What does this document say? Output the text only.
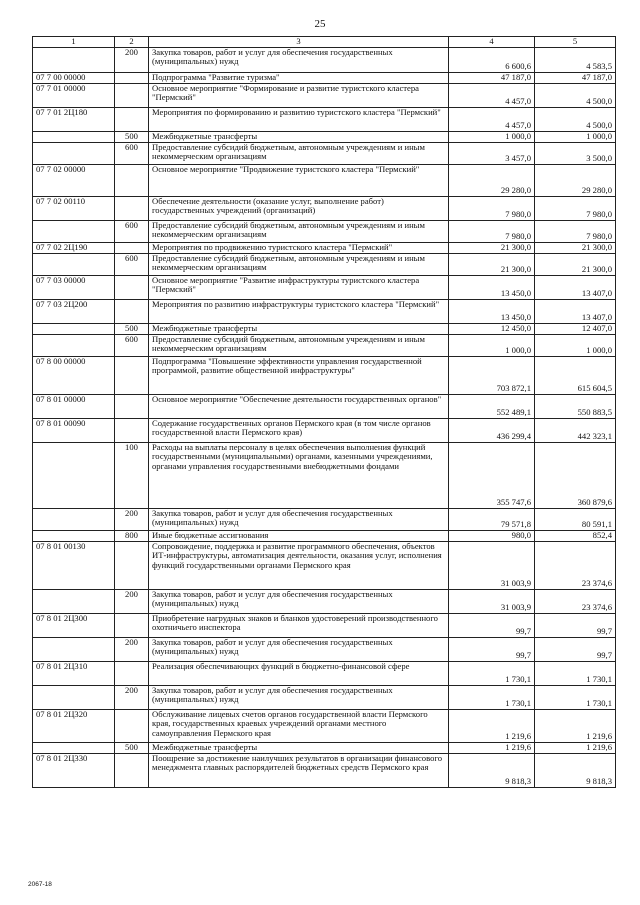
25
1	2	3	4	5
	200	Закупка товаров, работ и услуг для обеспечения государственных (муниципальных) нужд	6 600,6	4 583,5
07 7 00 00000		Подпрограмма "Развитие туризма"	47 187,0	47 187,0
07 7 01 00000		Основное мероприятие "Формирование и развитие туристского кластера "Пермский"	4 457,0	4 500,0
07 7 01 2Ц180		Мероприятия по формированию и развитию туристского кластера "Пермский"	4 457,0	4 500,0
	500	Межбюджетные трансферты	1 000,0	1 000,0
	600	Предоставление субсидий бюджетным, автономным учреждениям и иным некоммерческим организациям	3 457,0	3 500,0
07 7 02 00000		Основное мероприятие "Продвижение туристского кластера "Пермский"	29 280,0	29 280,0
07 7 02 00110		Обеспечение деятельности (оказание услуг, выполнение работ) государственных учреждений (организаций)	7 980,0	7 980,0
	600	Предоставление субсидий бюджетным, автономным учреждениям и иным некоммерческим организациям	7 980,0	7 980,0
07 7 02 2Ц190		Мероприятия по продвижению туристского кластера "Пермский"	21 300,0	21 300,0
	600	Предоставление субсидий бюджетным, автономным учреждениям и иным некоммерческим организациям	21 300,0	21 300,0
07 7 03 00000		Основное мероприятие "Развитие инфраструктуры туристского кластера "Пермский"	13 450,0	13 407,0
07 7 03 2Ц200		Мероприятия по развитию инфраструктуры туристского кластера "Пермский"	13 450,0	13 407,0
	500	Межбюджетные трансферты	12 450,0	12 407,0
	600	Предоставление субсидий бюджетным, автономным учреждениям и иным некоммерческим организациям	1 000,0	1 000,0
07 8 00 00000		Подпрограмма "Повышение эффективности управления государственной программой, развитие общественной инфраструктуры"	703 872,1	615 604,5
07 8 01 00000		Основное мероприятие "Обеспечение деятельности государственных органов"	552 489,1	550 883,5
07 8 01 00090		Содержание государственных органов Пермского края (в том числе органов государственной власти Пермского края)	436 299,4	442 323,1
	100	Расходы на выплаты персоналу в целях обеспечения выполнения функций государственными (муниципальными) органами, казенными учреждениями, органами управления государственными внебюджетными фондами	355 747,6	360 879,6
	200	Закупка товаров, работ и услуг для обеспечения государственных (муниципальных) нужд	79 571,8	80 591,1
	800	Иные бюджетные ассигнования	980,0	852,4
07 8 01 00130		Сопровождение, поддержка и развитие программного обеспечения, объектов ИТ-инфраструктуры, автоматизация деятельности, оказания услуг, исполнения функций государственными органами Пермского края	31 003,9	23 374,6
	200	Закупка товаров, работ и услуг для обеспечения государственных (муниципальных) нужд	31 003,9	23 374,6
07 8 01 2Ц300		Приобретение нагрудных знаков и бланков удостоверений производственного охотничьего инспектора	99,7	99,7
	200	Закупка товаров, работ и услуг для обеспечения государственных (муниципальных) нужд	99,7	99,7
07 8 01 2Ц310		Реализация обеспечивающих функций в бюджетно-финансовой сфере	1 730,1	1 730,1
	200	Закупка товаров, работ и услуг для обеспечения государственных (муниципальных) нужд	1 730,1	1 730,1
07 8 01 2Ц320		Обслуживание лицевых счетов органов государственной власти Пермского края, государственных краевых учреждений органами местного самоуправления Пермского края	1 219,6	1 219,6
	500	Межбюджетные трансферты	1 219,6	1 219,6
07 8 01 2Ц330		Поощрение за достижение наилучших результатов в организации финансового менеджмента главных распорядителей бюджетных средств Пермского края	9 818,3	9 818,3
2067-18
